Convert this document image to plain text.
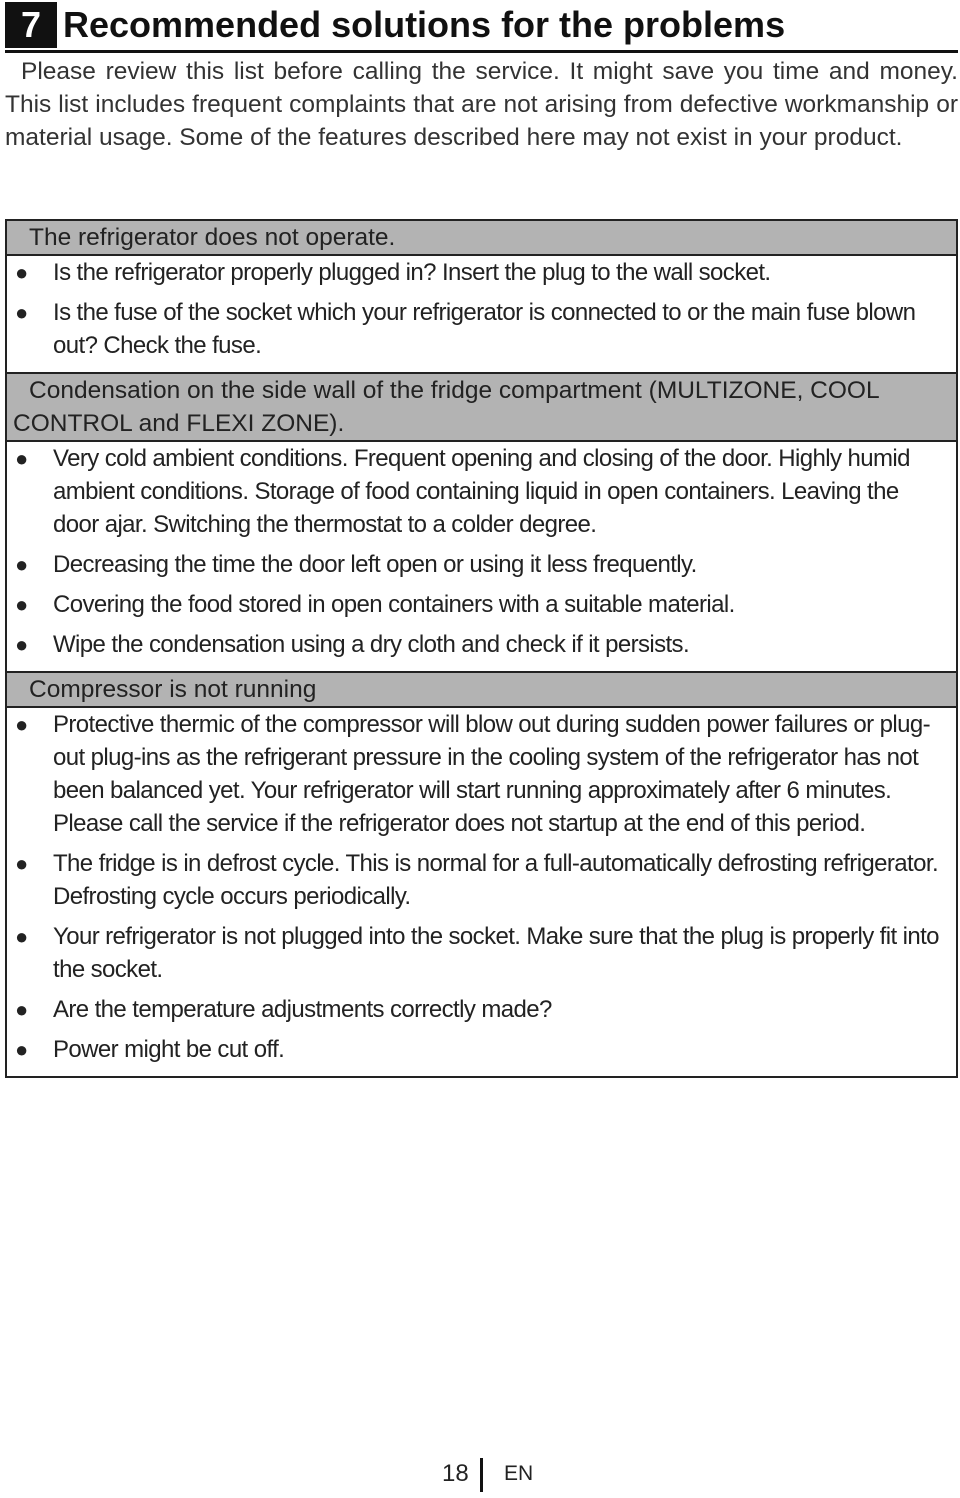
7 Recommended solutions for the problems

Please review this list before calling the service. It might save you time and money. This list includes frequent complaints that are not arising from defective workmanship or material usage. Some of the features described here may not exist in your product.

The refrigerator does not operate.
● Is the refrigerator properly plugged in? Insert the plug to the wall socket.
● Is the fuse of the socket which your refrigerator is connected to or the main fuse blown out? Check the fuse.
Condensation on the side wall of the fridge compartment (MULTIZONE, COOL CONTROL and FLEXI ZONE).
● Very cold ambient conditions. Frequent opening and closing of the door. Highly humid ambient conditions. Storage of food containing liquid in open containers. Leaving the door ajar. Switching the thermostat to a colder degree.
● Decreasing the time the door left open or using it less frequently.
● Covering the food stored in open containers with a suitable material.
● Wipe the condensation using a dry cloth and check if it persists.
Compressor is not running
● Protective thermic of the compressor will blow out during sudden power failures or plug-out plug-ins as the refrigerant pressure in the cooling system of the refrigerator has not been balanced yet. Your refrigerator will start running approximately after 6 minutes. Please call the service if the refrigerator does not startup at the end of this period.
● The fridge is in defrost cycle. This is normal for a full-automatically defrosting refrigerator. Defrosting cycle occurs periodically.
● Your refrigerator is not plugged into the socket. Make sure that the plug is properly fit into the socket.
● Are the temperature adjustments correctly made?
● Power might be cut off.
18 EN
